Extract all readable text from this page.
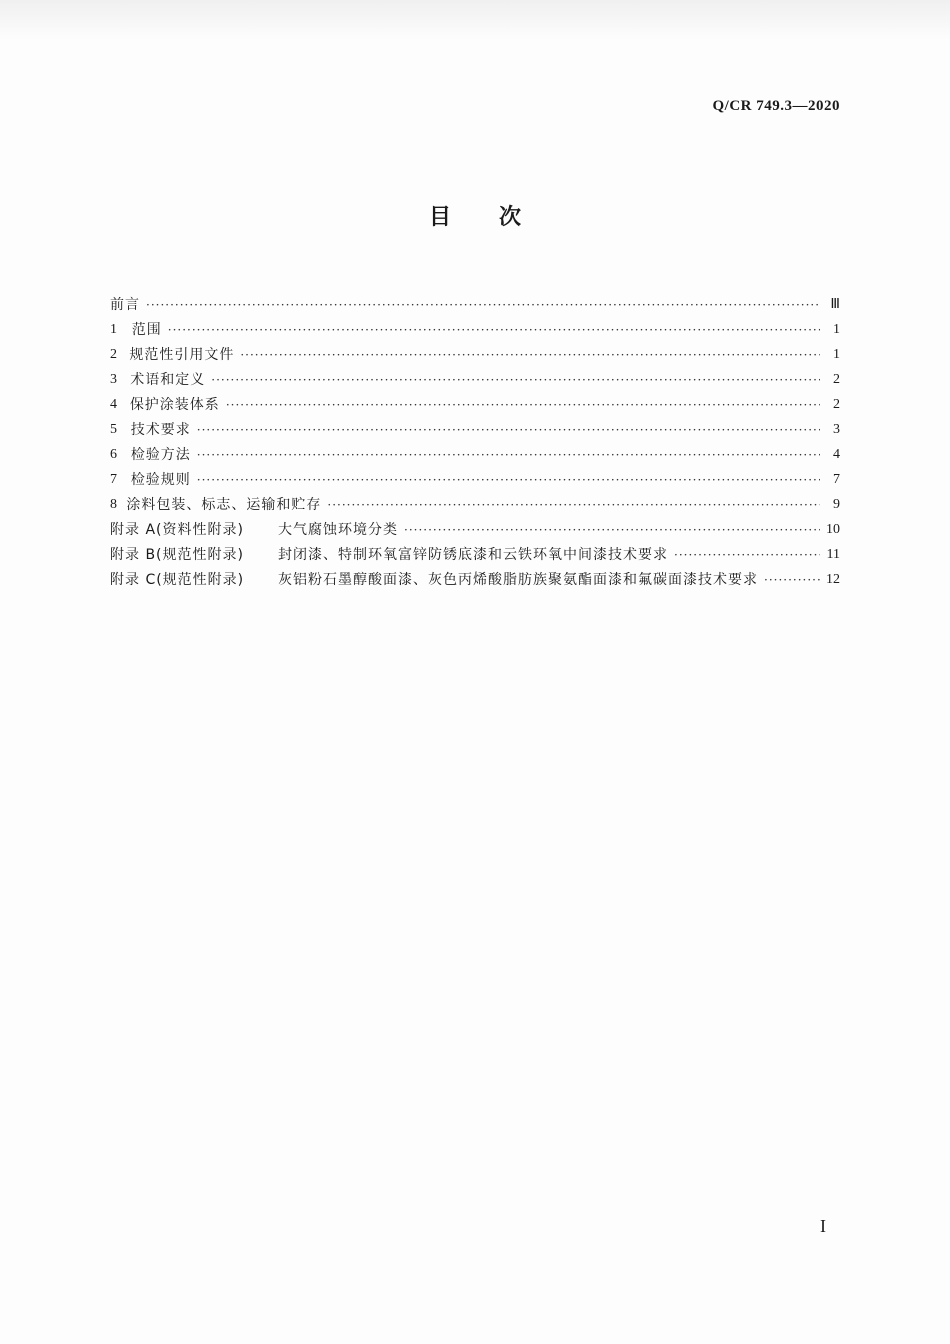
Q/CR 749.3—2020
目次
前言 ·····	Ⅲ
1	范围 ·····	1
2 规范性引用文件 ·····	1
3 术语和定义 ·····	2
4 保护涂装体系 ·····	2
5 技术要求 ·····	3
6 检验方法 ·····	4
7 检验规则 ·····	7
8 涂料包装、标志、运输和贮存 ·····	9
附录 A(资料性附录)	大气腐蚀环境分类 ·····	10
附录 B(规范性附录)	封闭漆、特制环氧富锌防锈底漆和云铁环氧中间漆技术要求 ·····	11
附录 C(规范性附录)	灰铝粉石墨醇酸面漆、灰色丙烯酸脂肪族聚氨酯面漆和氟碳面漆技术要求 ·····	12
I
